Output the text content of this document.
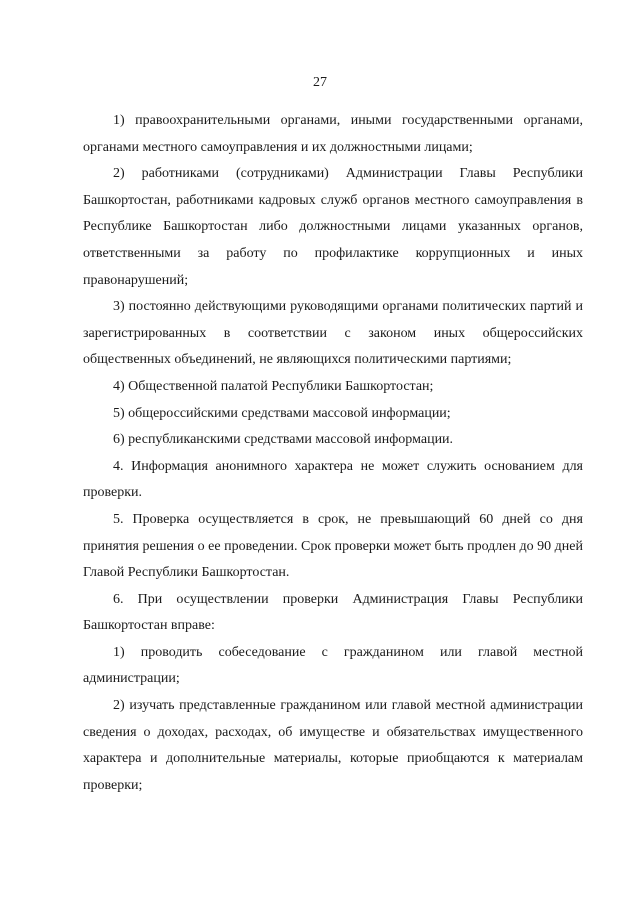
27

1) правоохранительными органами, иными государственными органами, органами местного самоуправления и их должностными лицами;

2) работниками (сотрудниками) Администрации Главы Республики Башкортостан, работниками кадровых служб органов местного самоуправления в Республике Башкортостан либо должностными лицами указанных органов, ответственными за работу по профилактике коррупционных и иных правонарушений;

3) постоянно действующими руководящими органами политических партий и зарегистрированных в соответствии с законом иных общероссийских общественных объединений, не являющихся политическими партиями;

4) Общественной палатой Республики Башкортостан;

5) общероссийскими средствами массовой информации;

6) республиканскими средствами массовой информации.

4. Информация анонимного характера не может служить основанием для проверки.

5. Проверка осуществляется в срок, не превышающий 60 дней со дня принятия решения о ее проведении. Срок проверки может быть продлен до 90 дней Главой Республики Башкортостан.

6. При осуществлении проверки Администрация Главы Республики Башкортостан вправе:

1) проводить собеседование с гражданином или главой местной администрации;

2) изучать представленные гражданином или главой местной администрации сведения о доходах, расходах, об имуществе и обязательствах имущественного характера и дополнительные материалы, которые приобщаются к материалам проверки;
